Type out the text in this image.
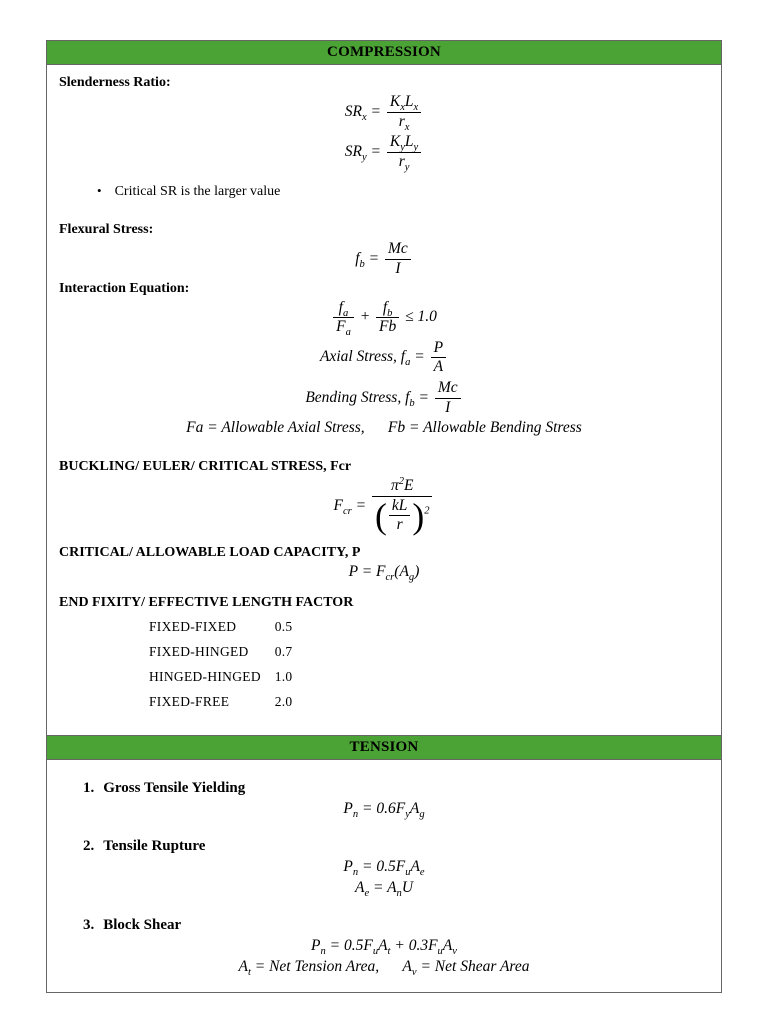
COMPRESSION

Slenderness Ratio:

$SR_x = \frac{K_xL_x}{r_x}$
$SR_y = \frac{K_yL_y}{r_y}$
• Critical SR is the larger value

Flexural Stress:

$f_b = \frac{Mc}{I}$

Interaction Equation:

$\frac{f_a}{F_a} + \frac{f_b}{Fb} \le 1.0$
Axial Stress, $f_a = \frac{P}{A}$
Bending Stress, $f_b = \frac{Mc}{I}$
Fa = Allowable Axial Stress,  Fb = Allowable Bending Stress

BUCKLING/ EULER/ CRITICAL STRESS, Fcr

$F_{cr} = \frac{\pi^2E}{( \frac{kL}{r} )^2}$

CRITICAL/ ALLOWABLE LOAD CAPACITY, P

$P = F_{cr}(A_g)$

END FIXITY/ EFFECTIVE LENGTH FACTOR

FIXED-FIXED	0.5
FIXED-HINGED 0.7
HINGED-HINGED 1.0
FIXED-FREE	2.0
TENSION
1. Gross Tensile Yielding
$P_n = 0.6F_yA_g$
2. Tensile Rupture
$P_n = 0.5F_uA_e$
$A_e = A_nU$
3. Block Shear
$P_n = 0.5F_uA_t + 0.3F_uA_v$
$A_t$ = Net Tension Area,  $A_v$ = Net Shear Area
